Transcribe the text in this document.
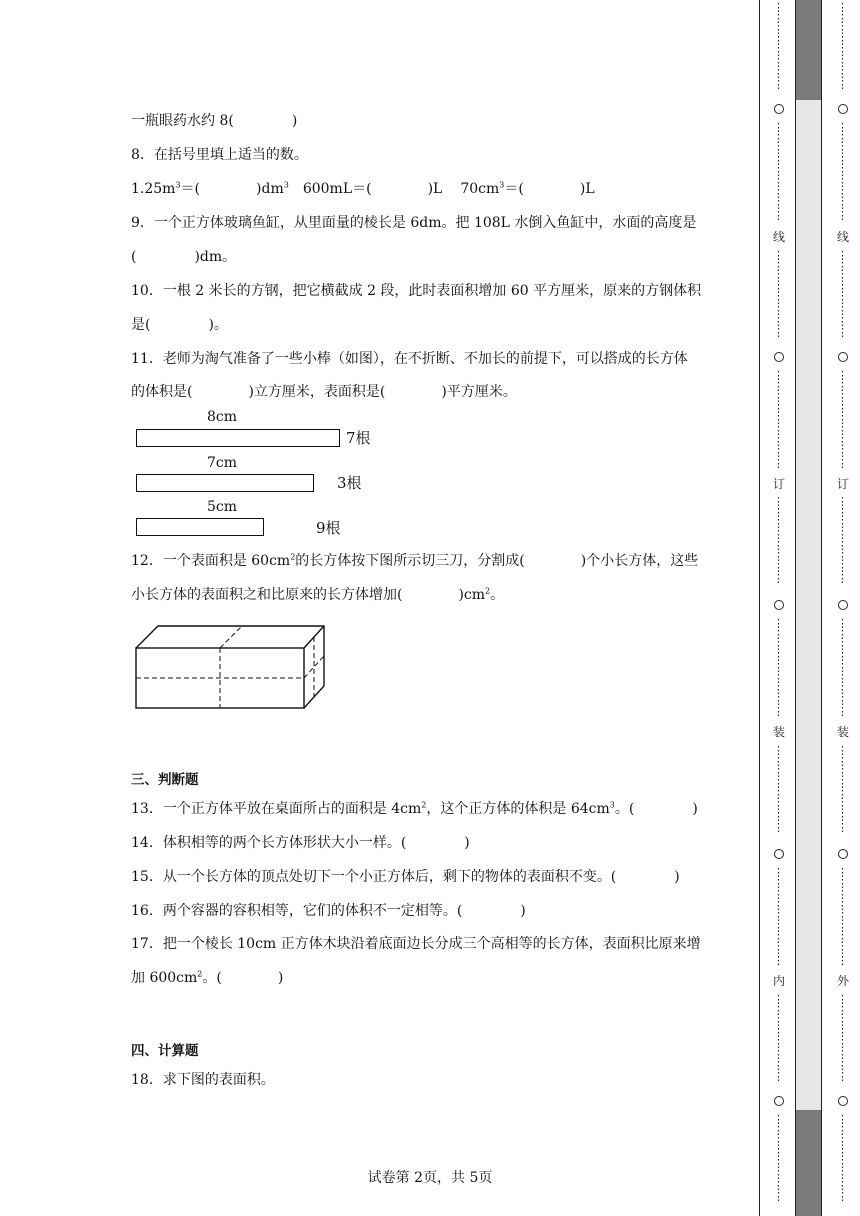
一瓶眼药水约 8(	)
8．在括号里填上适当的数。
$1.25m^3=$(	)$dm^3$ 600mL＝(	)L $70cm^3=$(	)L
9．一个正方体玻璃鱼缸，从里面量的棱长是 6dm。把 108L 水倒入鱼缸中，水面的高度是
(	)dm。
10．一根 2 米长的方钢，把它横截成 2 段，此时表面积增加 60 平方厘米，原来的方钢体积
是(	)。
11．老师为淘气准备了一些小棒（如图），在不折断、不加长的前提下，可以搭成的长方体
的体积是(	)立方厘米，表面积是(	)平方厘米。
8cm
7根
7cm
3根
5cm
9根
12．一个表面积是 $60cm^2$的长方体按下图所示切三刀，分割成(	)个小长方体，这些
小长方体的表面积之和比原来的长方体增加(	)$cm^2$。
三、判断题
13．一个正方体平放在桌面所占的面积是 $4cm^2$，这个正方体的体积是 $64cm^3$。(	)
14．体积相等的两个长方体形状大小一样。(	)
15．从一个长方体的顶点处切下一个小正方体后，剩下的物体的表面积不变。(	)
16．两个容器的容积相等，它们的体积不一定相等。(	)
17．把一个棱长 10cm 正方体木块沿着底面边长分成三个高相等的长方体，表面积比原来增
加 $600cm^2$。(	)
四、计算题
18．求下图的表面积。
试卷第 2页，共 5页
⋮
⋮
⋮
⋮
⋮
⋮
⋮
⋮
⋮
⋮
⋮
⋮
⋮
⋮
⋮
⋮
⋮
线
⋮
⋮
⋮
⋮
⋮
⋮
⋮
⋮
⋮
⋮
⋮
⋮
⋮
⋮
⋮
⋮
⋮
订
⋮
⋮
⋮
⋮
⋮
⋮
⋮
⋮
⋮
⋮
⋮
⋮
⋮
⋮
⋮
⋮
⋮
装
⋮
⋮
⋮
⋮
⋮
⋮
⋮
⋮
⋮
⋮
⋮
⋮
⋮
⋮
⋮
⋮
⋮
内
⋮
⋮
⋮
⋮
⋮
⋮
⋮
⋮
⋮
⋮
⋮
⋮
⋮
⋮
⋮
⋮
⋮
⋮
⋮
⋮
⋮
⋮
⋮
⋮
⋮
⋮
⋮
⋮
⋮
⋮
⋮
⋮
⋮
线
⋮
⋮
⋮
⋮
⋮
⋮
⋮
⋮
⋮
⋮
⋮
⋮
⋮
⋮
⋮
⋮
⋮
订
⋮
⋮
⋮
⋮
⋮
⋮
⋮
⋮
⋮
⋮
⋮
⋮
⋮
⋮
⋮
⋮
⋮
装
⋮
⋮
⋮
⋮
⋮
⋮
⋮
⋮
⋮
⋮
⋮
⋮
⋮
⋮
⋮
⋮
⋮
外
⋮
⋮
⋮
⋮
⋮
⋮
⋮
⋮
⋮
⋮
⋮
⋮
⋮
⋮
⋮
⋮
